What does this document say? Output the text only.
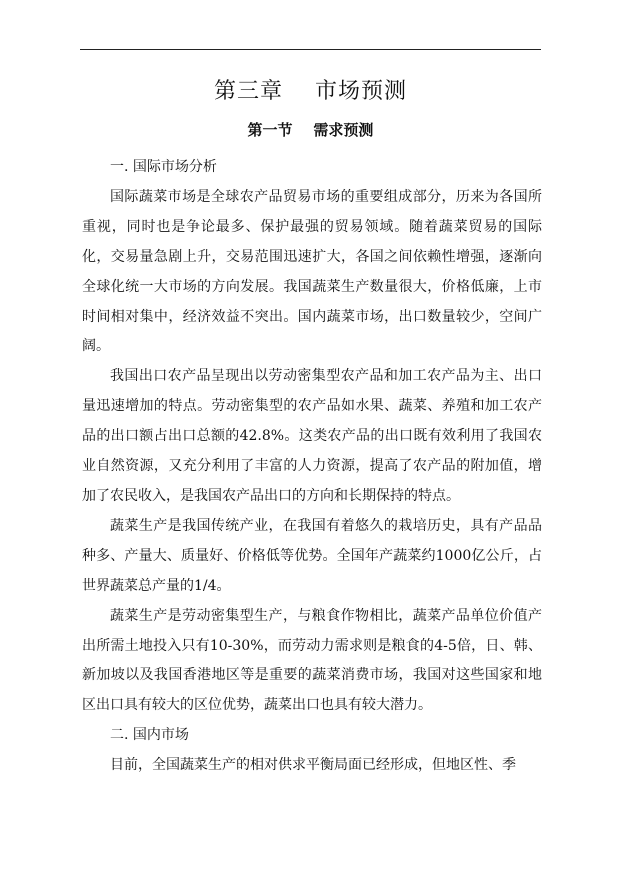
第三章    市场预测
第一节    需求预测

一. 国际市场分析

国际蔬菜市场是全球农产品贸易市场的重要组成部分，历来为各国所重视，同时也是争论最多、保护最强的贸易领域。随着蔬菜贸易的国际化，交易量急剧上升，交易范围迅速扩大，各国之间依赖性增强，逐渐向全球化统一大市场的方向发展。我国蔬菜生产数量很大，价格低廉，上市时间相对集中，经济效益不突出。国内蔬菜市场，出口数量较少，空间广阔。

我国出口农产品呈现出以劳动密集型农产品和加工农产品为主、出口量迅速增加的特点。劳动密集型的农产品如水果、蔬菜、养殖和加工农产品的出口额占出口总额的42.8%。这类农产品的出口既有效利用了我国农业自然资源，又充分利用了丰富的人力资源，提高了农产品的附加值，增加了农民收入，是我国农产品出口的方向和长期保持的特点。

蔬菜生产是我国传统产业，在我国有着悠久的栽培历史，具有产品品种多、产量大、质量好、价格低等优势。全国年产蔬菜约1000亿公斤，占世界蔬菜总产量的1/4。

蔬菜生产是劳动密集型生产，与粮食作物相比，蔬菜产品单位价值产出所需土地投入只有10-30%，而劳动力需求则是粮食的4-5倍，日、韩、新加坡以及我国香港地区等是重要的蔬菜消费市场，我国对这些国家和地区出口具有较大的区位优势，蔬菜出口也具有较大潜力。

二. 国内市场

目前，全国蔬菜生产的相对供求平衡局面已经形成，但地区性、季
